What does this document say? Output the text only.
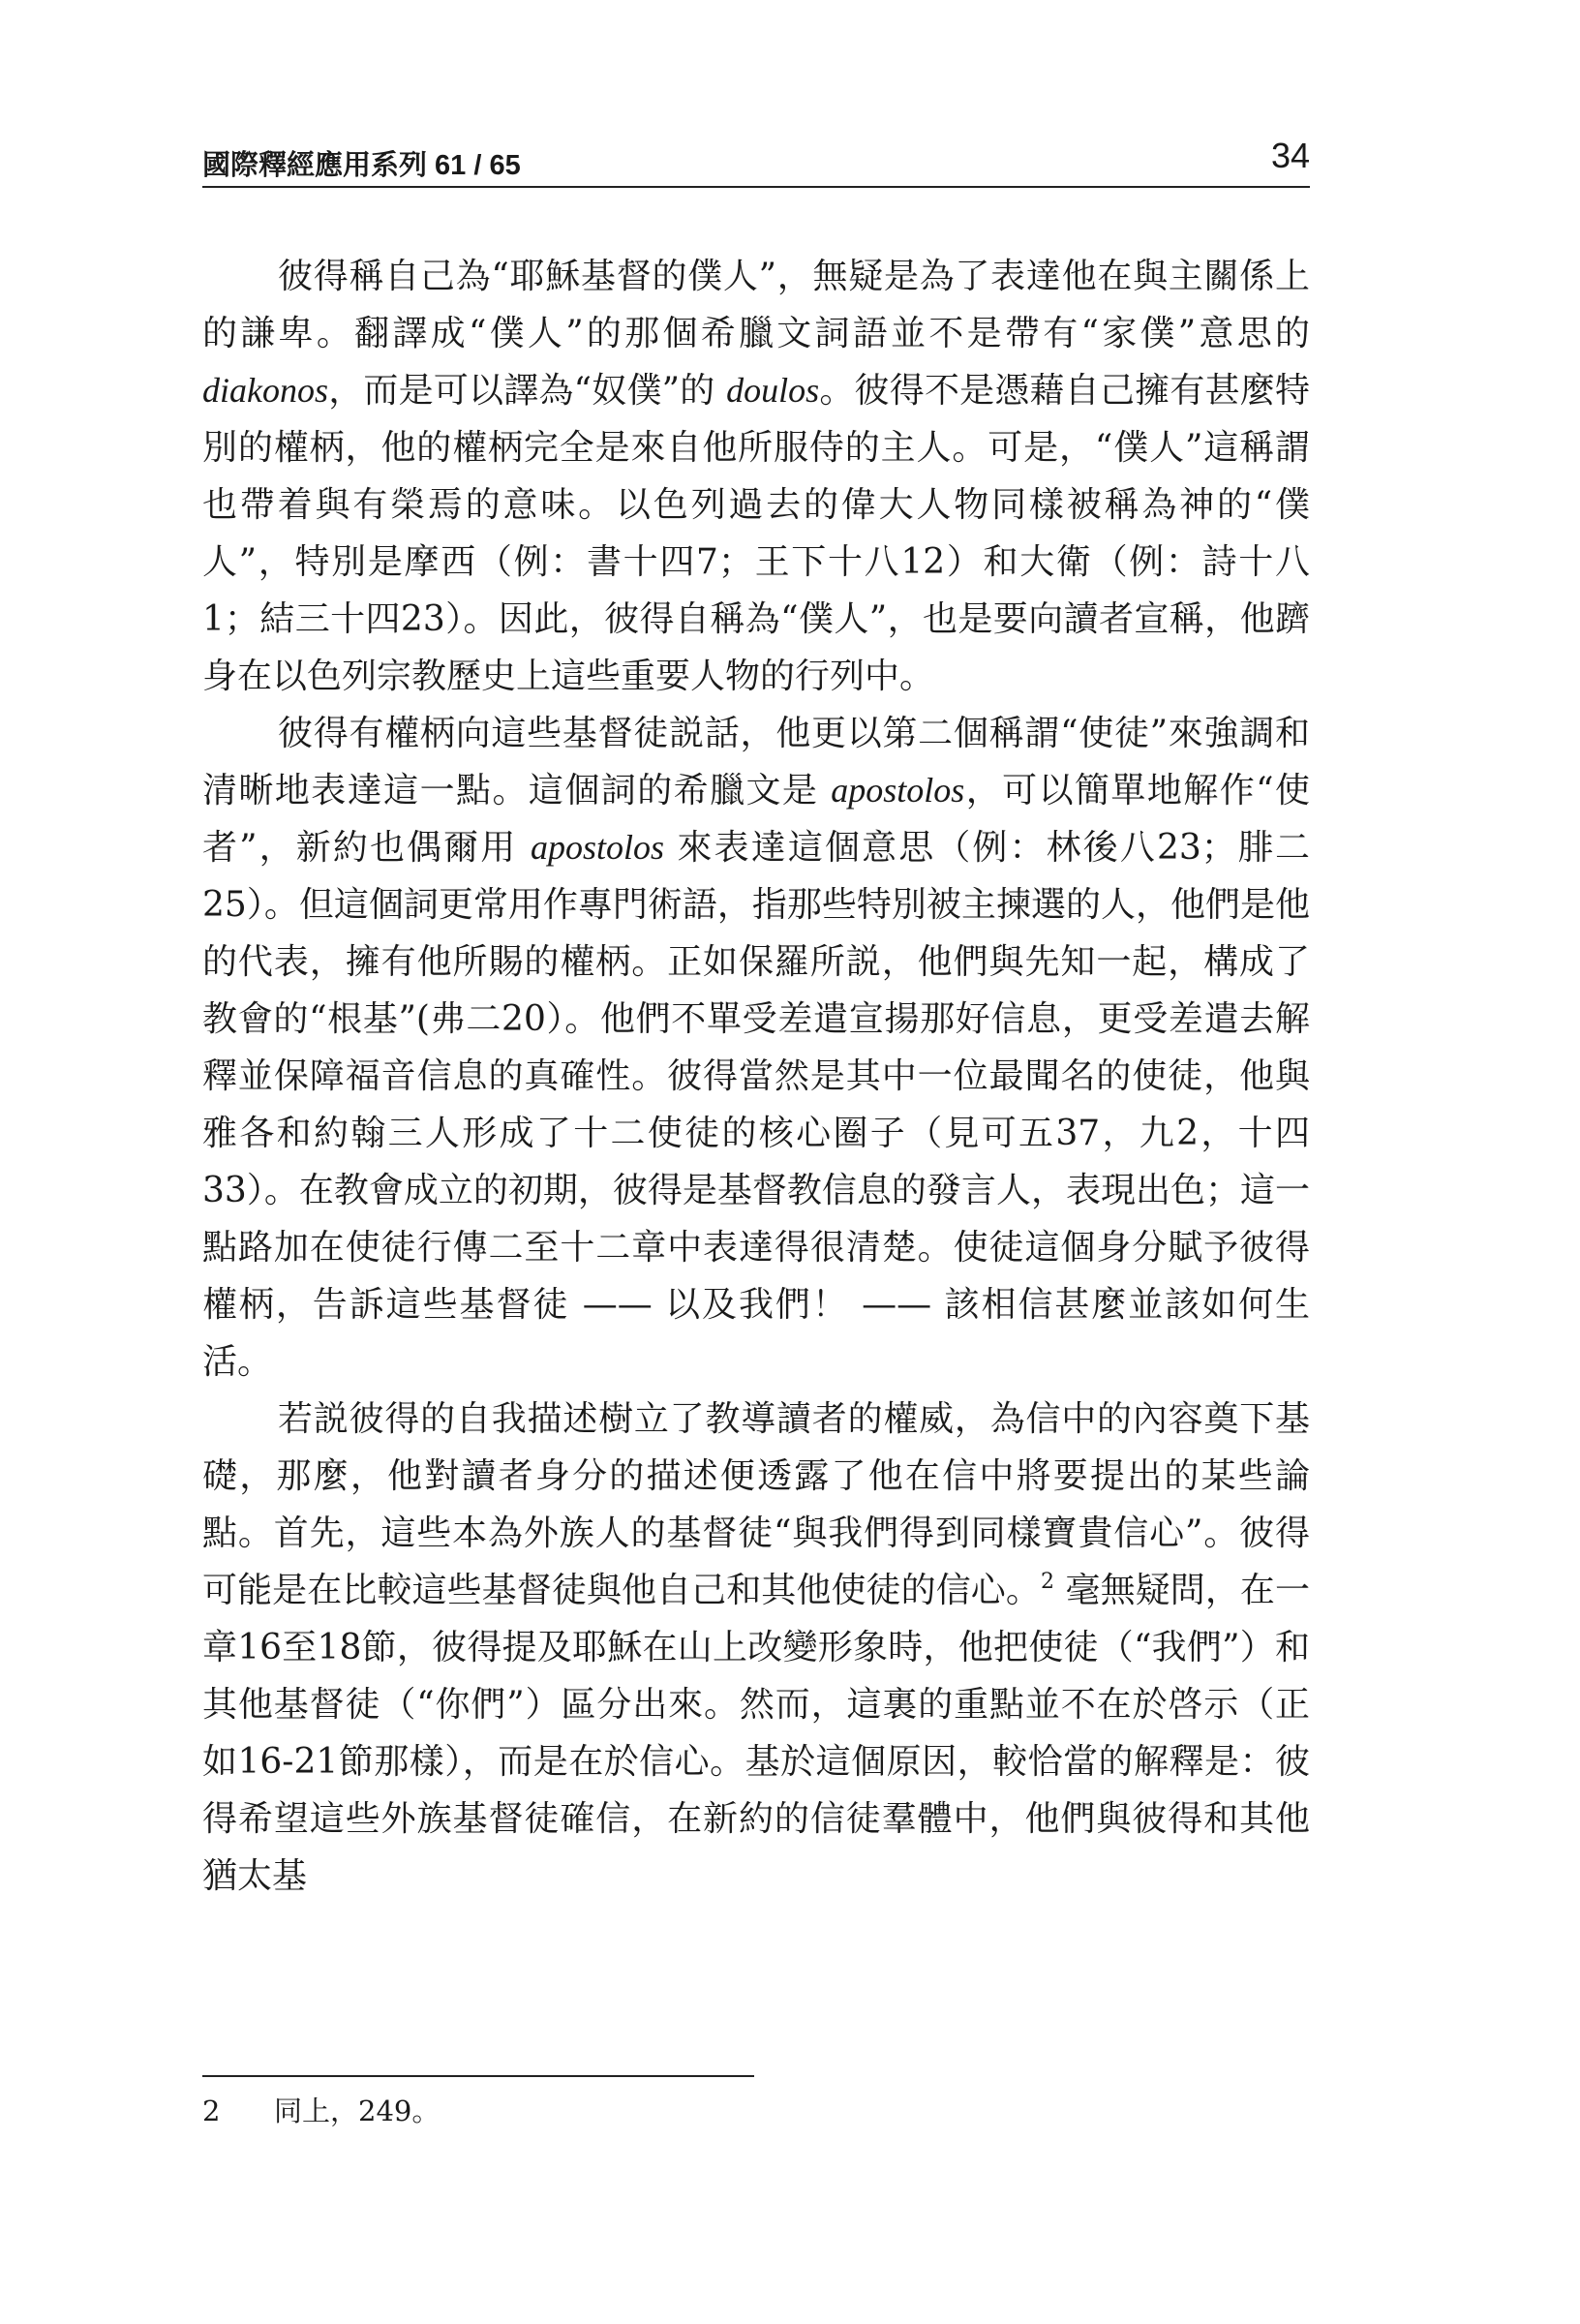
國際釋經應用系列 61 / 65	34

彼得稱自己為“耶穌基督的僕人”，無疑是為了表達他在與主關係上的謙卑。翻譯成“僕人”的那個希臘文詞語並不是帶有“家僕”意思的 diakonos，而是可以譯為“奴僕”的 doulos。彼得不是憑藉自己擁有甚麼特別的權柄，他的權柄完全是來自他所服侍的主人。可是，“僕人”這稱謂也帶着與有榮焉的意味。以色列過去的偉大人物同樣被稱為神的“僕人”，特別是摩西（例：書十四7；王下十八12）和大衛（例：詩十八1；結三十四23）。因此，彼得自稱為“僕人”，也是要向讀者宣稱，他躋身在以色列宗教歷史上這些重要人物的行列中。

彼得有權柄向這些基督徒説話，他更以第二個稱謂“使徒”來強調和清晰地表達這一點。這個詞的希臘文是 apostolos，可以簡單地解作“使者”，新約也偶爾用 apostolos 來表達這個意思（例：林後八23；腓二25）。但這個詞更常用作專門術語，指那些特別被主揀選的人，他們是他的代表，擁有他所賜的權柄。正如保羅所説，他們與先知一起，構成了教會的“根基”(弗二20）。他們不單受差遣宣揚那好信息，更受差遣去解釋並保障福音信息的真確性。彼得當然是其中一位最聞名的使徒，他與雅各和約翰三人形成了十二使徒的核心圈子（見可五37，九2，十四33）。在教會成立的初期，彼得是基督教信息的發言人，表現出色；這一點路加在使徒行傳二至十二章中表達得很清楚。使徒這個身分賦予彼得權柄，告訴這些基督徒 —— 以及我們！ —— 該相信甚麼並該如何生活。

若説彼得的自我描述樹立了教導讀者的權威，為信中的內容奠下基礎，那麼，他對讀者身分的描述便透露了他在信中將要提出的某些論點。首先，這些本為外族人的基督徒“與我們得到同樣寶貴信心”。彼得可能是在比較這些基督徒與他自己和其他使徒的信心。$^2$ 毫無疑問，在一章16至18節，彼得提及耶穌在山上改變形象時，他把使徒（“我們”）和其他基督徒（“你們”）區分出來。然而，這裏的重點並不在於啓示（正如16-21節那樣），而是在於信心。基於這個原因，較恰當的解釋是：彼得希望這些外族基督徒確信，在新約的信徒羣體中，他們與彼得和其他猶太基

2 同上，249。
